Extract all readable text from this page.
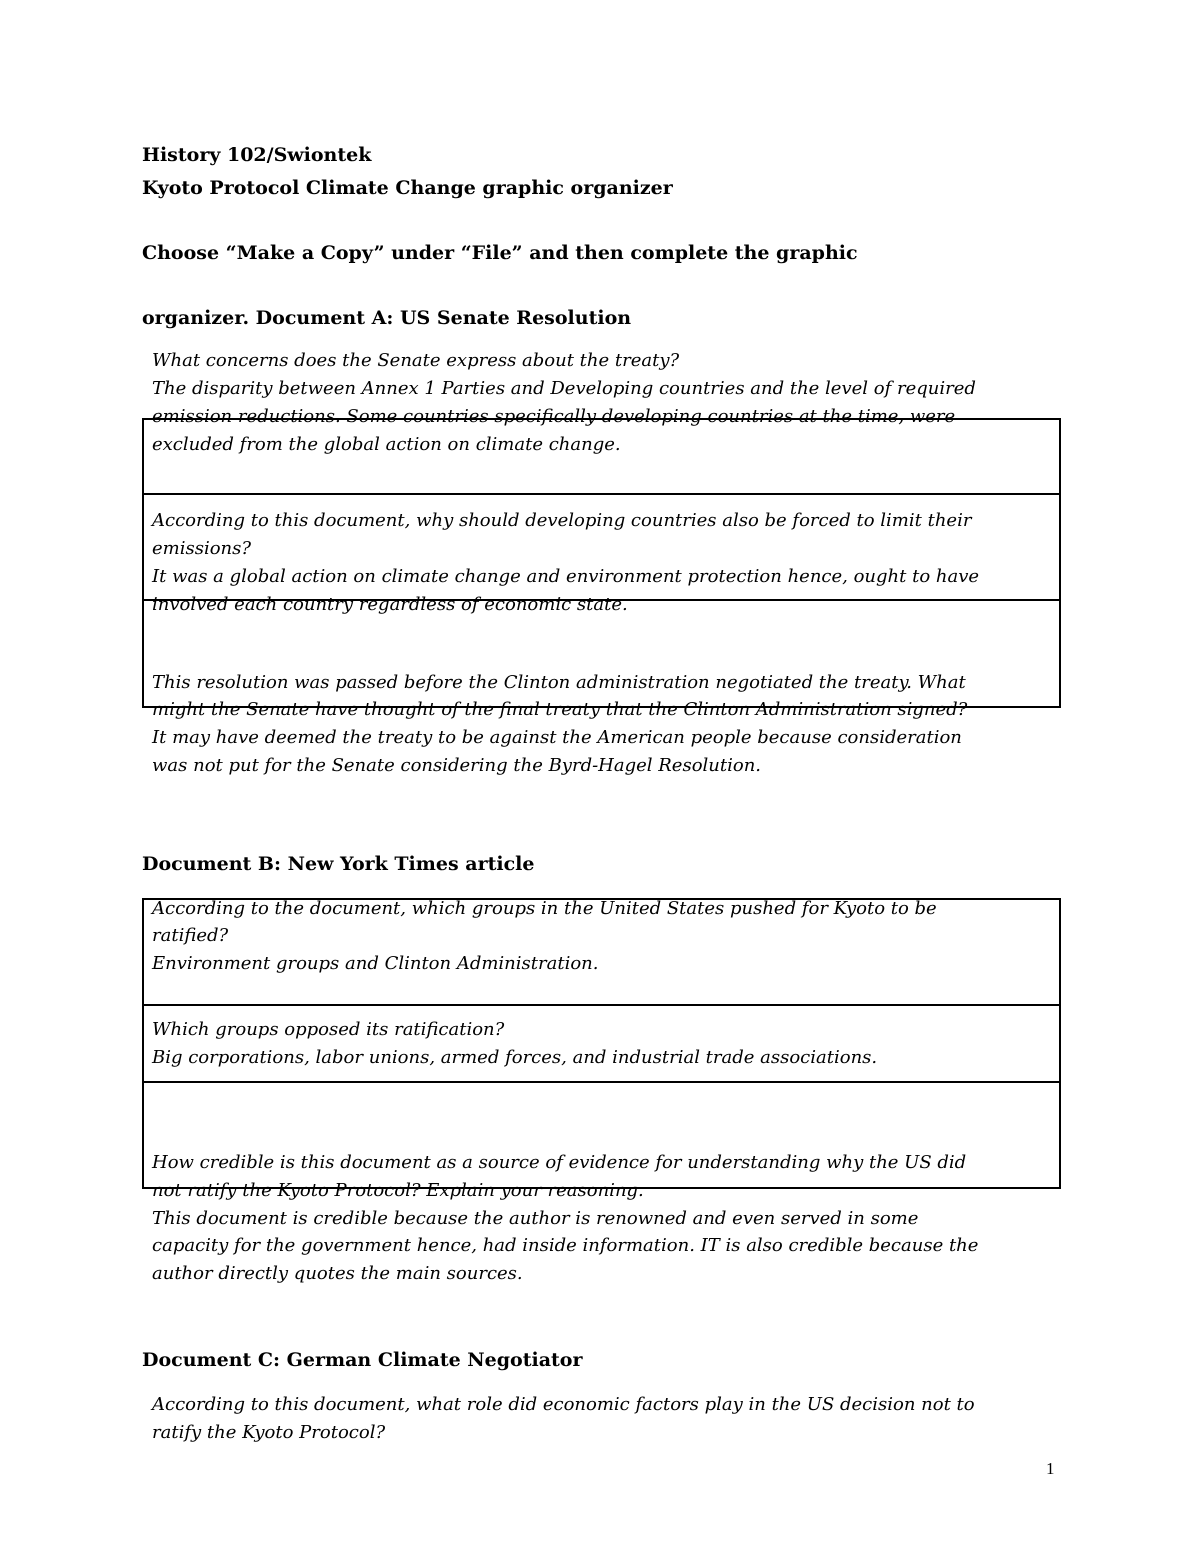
History 102/Swiontek
Kyoto Protocol Climate Change graphic organizer
Choose “Make a Copy” under “File” and then complete the graphic
organizer. Document A: US Senate Resolution
What concerns does the Senate express about the treaty?
The disparity between Annex 1 Parties and Developing countries and the level of required
emission reductions. Some countries specifically developing countries at the time, were
excluded from the global action on climate change.
According to this document, why should developing countries also be forced to limit their
emissions?
It was a global action on climate change and environment protection hence, ought to have
involved each country regardless of economic state.
This resolution was passed before the Clinton administration negotiated the treaty. What
might the Senate have thought of the final treaty that the Clinton Administration signed?
It may have deemed the treaty to be against the American people because consideration
was not put for the Senate considering the Byrd-Hagel Resolution.
Document B: New York Times article
According to the document, which groups in the United States pushed for Kyoto to be
ratified?
Environment groups and Clinton Administration.
Which groups opposed its ratification?
Big corporations, labor unions, armed forces, and industrial trade associations.
How credible is this document as a source of evidence for understanding why the US did
not ratify the Kyoto Protocol? Explain your reasoning.
This document is credible because the author is renowned and even served in some
capacity for the government hence, had inside information. IT is also credible because the
author directly quotes the main sources.
Document C: German Climate Negotiator
According to this document, what role did economic factors play in the US decision not to
ratify the Kyoto Protocol?
1
